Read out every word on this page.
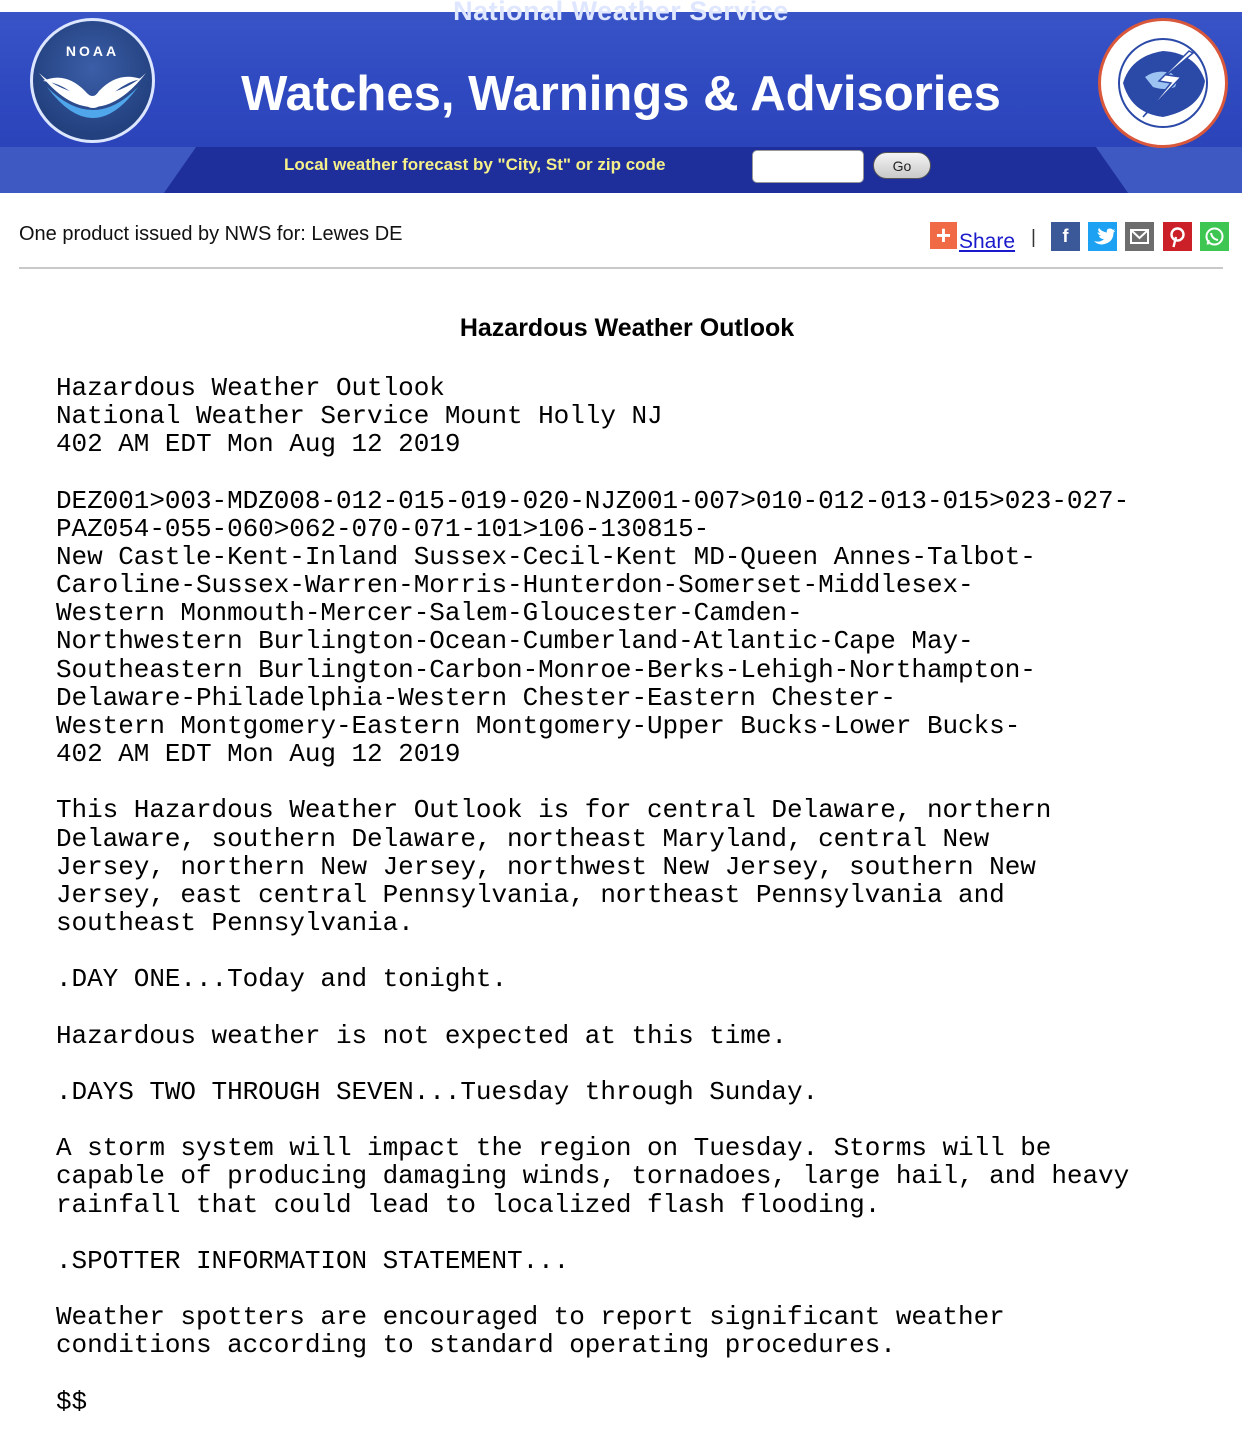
NOAA
National Weather Service
Watches, Warnings & Advisories
Local weather forecast by "City, St" or zip code	Go
One product issued by NWS for: Lewes DE	+ Share |	f
Hazardous Weather Outlook
Hazardous Weather Outlook
National Weather Service Mount Holly NJ
402 AM EDT Mon Aug 12 2019

DEZ001>003-MDZ008-012-015-019-020-NJZ001-007>010-012-013-015>023-027-
PAZ054-055-060>062-070-071-101>106-130815-
New Castle-Kent-Inland Sussex-Cecil-Kent MD-Queen Annes-Talbot-
Caroline-Sussex-Warren-Morris-Hunterdon-Somerset-Middlesex-
Western Monmouth-Mercer-Salem-Gloucester-Camden-
Northwestern Burlington-Ocean-Cumberland-Atlantic-Cape May-
Southeastern Burlington-Carbon-Monroe-Berks-Lehigh-Northampton-
Delaware-Philadelphia-Western Chester-Eastern Chester-
Western Montgomery-Eastern Montgomery-Upper Bucks-Lower Bucks-
402 AM EDT Mon Aug 12 2019

This Hazardous Weather Outlook is for central Delaware, northern
Delaware, southern Delaware, northeast Maryland, central New
Jersey, northern New Jersey, northwest New Jersey, southern New
Jersey, east central Pennsylvania, northeast Pennsylvania and
southeast Pennsylvania.

.DAY ONE...Today and tonight.

Hazardous weather is not expected at this time.

.DAYS TWO THROUGH SEVEN...Tuesday through Sunday.

A storm system will impact the region on Tuesday. Storms will be
capable of producing damaging winds, tornadoes, large hail, and heavy
rainfall that could lead to localized flash flooding.

.SPOTTER INFORMATION STATEMENT...

Weather spotters are encouraged to report significant weather
conditions according to standard operating procedures.

$$
